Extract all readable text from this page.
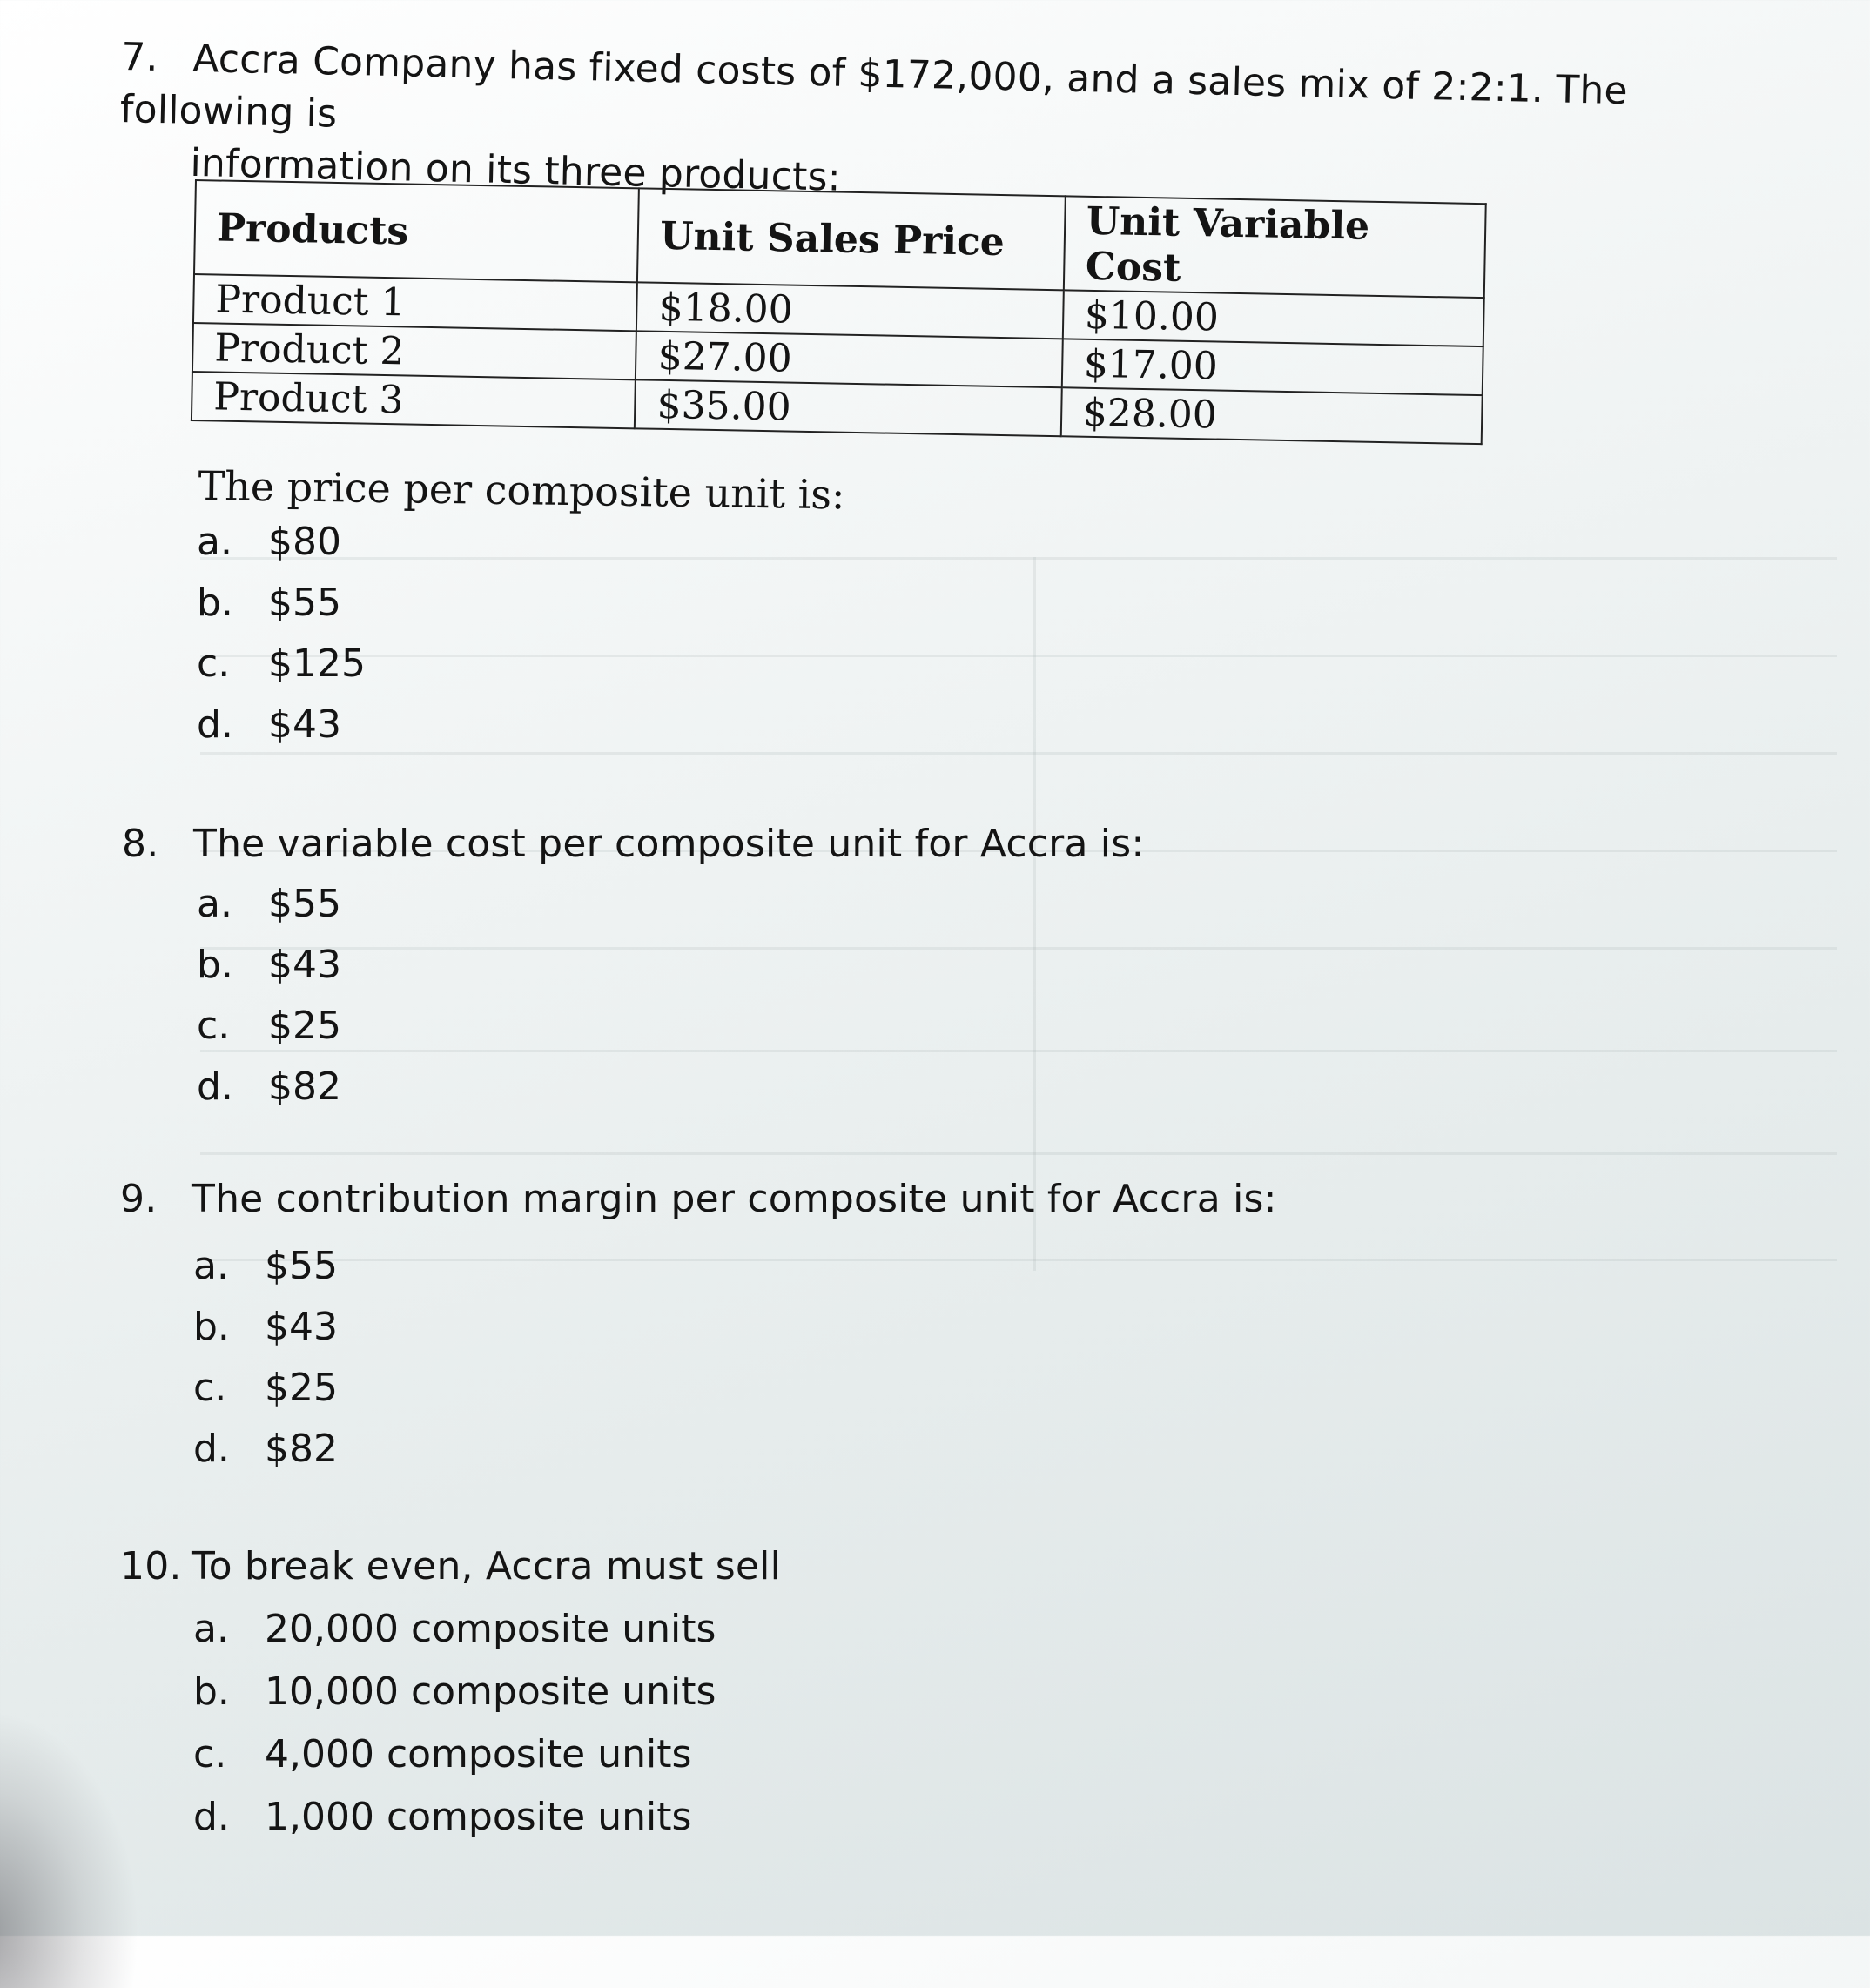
7. Accra Company has fixed costs of $172,000, and a sales mix of 2:2:1. The following is
information on its three products:
Products	Unit Sales Price	Unit Variable Cost
Product 1	$18.00	$10.00
Product 2	$27.00	$17.00
Product 3	$35.00	$28.00
The price per composite unit is:
a. $80
b. $55
c. $125
d. $43
8. The variable cost per composite unit for Accra is:
a. $55
b. $43
c. $25
d. $82
9. The contribution margin per composite unit for Accra is:
a. $55
b. $43
c. $25
d. $82
10. To break even, Accra must sell
a. 20,000 composite units
b. 10,000 composite units
c. 4,000 composite units
d. 1,000 composite units
